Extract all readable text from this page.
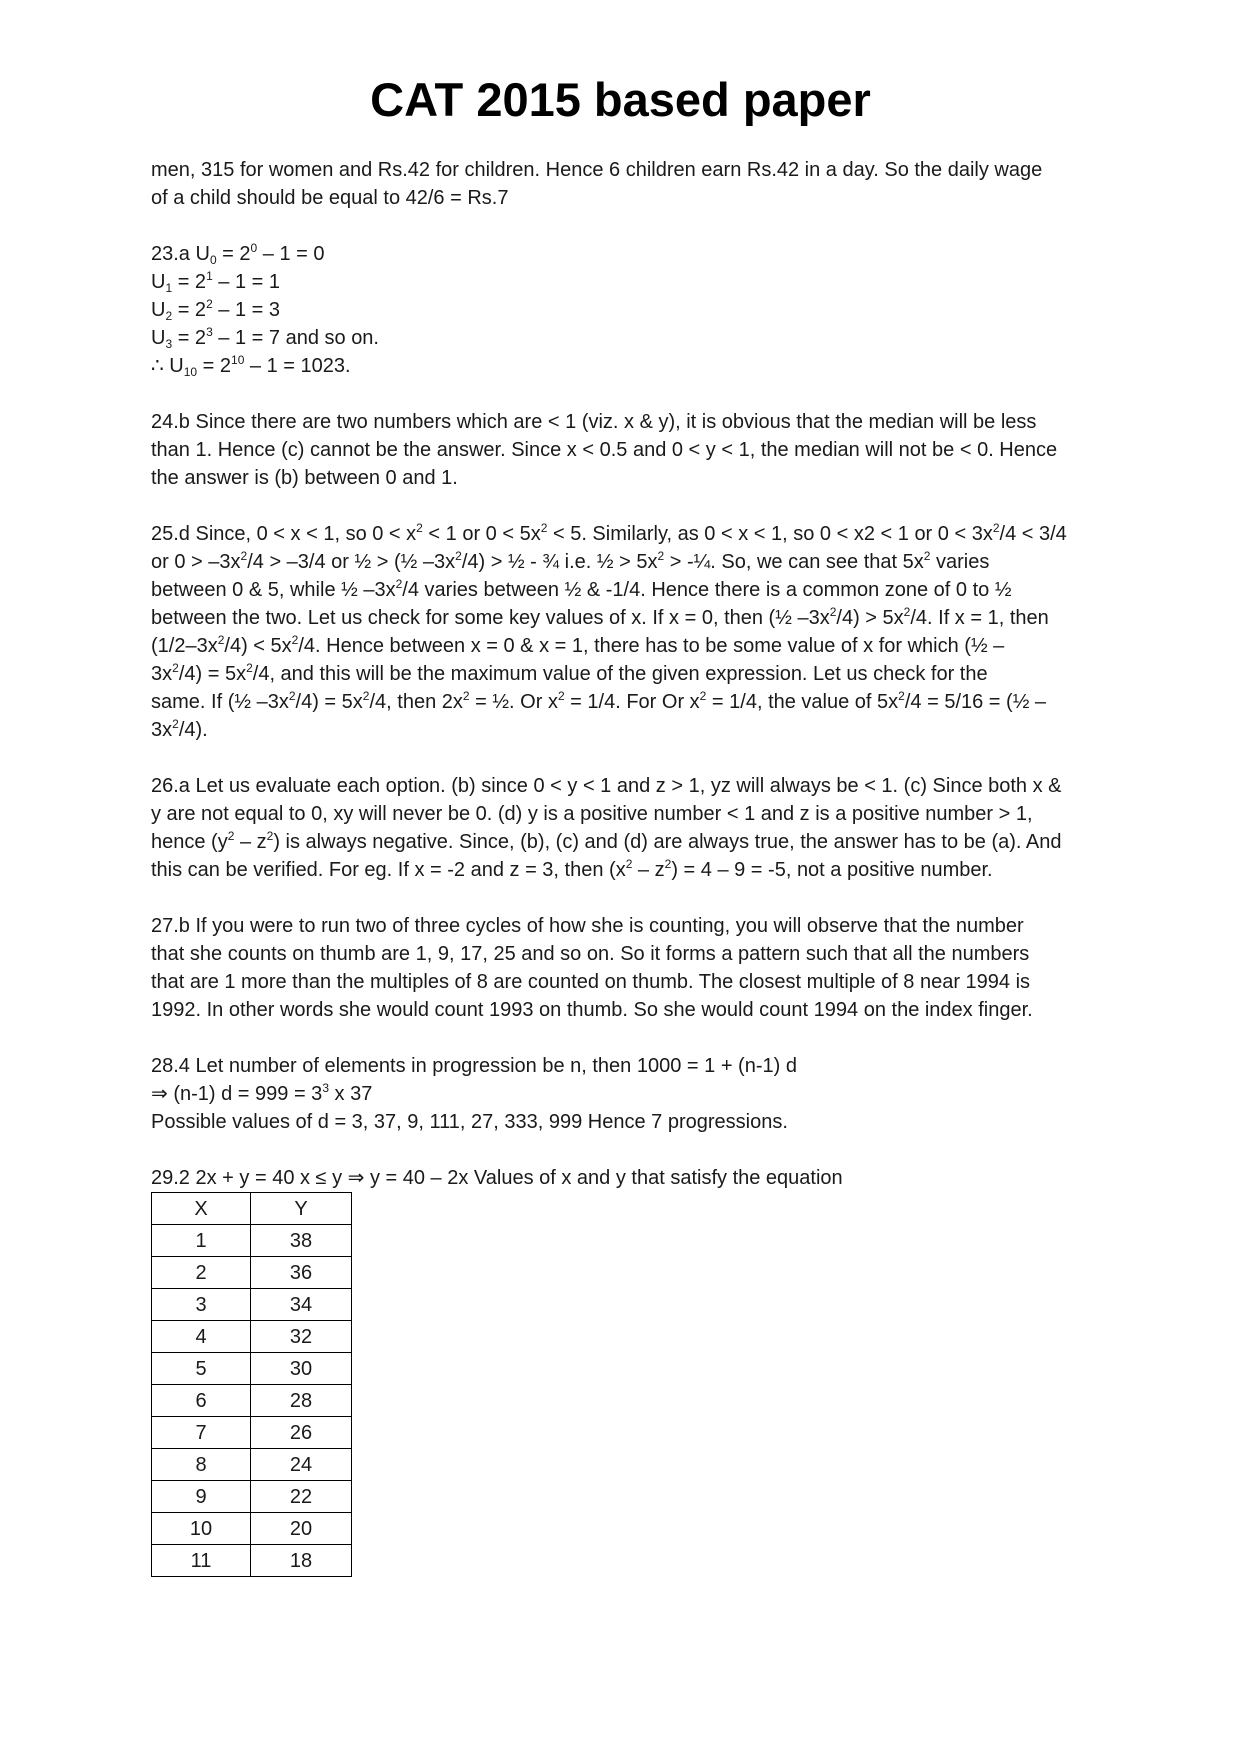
CAT 2015 based paper
men, 315 for women and Rs.42 for children. Hence 6 children earn Rs.42 in a day. So the daily wage
of a child should be equal to 42/6 = Rs.7
23.a $U_0 = 2^0 - 1 = 0$
$U_1 = 2^1 - 1 = 1$
$U_2 = 2^2 - 1 = 3$
$U_3 = 2^3 - 1 = 7$ and so on.
∴ $U_{10} = 2^{10} - 1 = 1023$.
24.b Since there are two numbers which are < 1 (viz. x & y), it is obvious that the median will be less
than 1. Hence (c) cannot be the answer. Since x < 0.5 and 0 < y < 1, the median will not be < 0. Hence
the answer is (b) between 0 and 1.
25.d Since, 0 < x < 1, so $0 < x^2 < 1$ or $0 < 5x^2 < 5$. Similarly, as 0 < x < 1, so 0 < x2 < 1 or $0 < 3x^2/4 < 3/4$
or $0 > -3x^2/4 > -3/4$ or ½ > (½ $-3x^2/4$) > ½ - ¾ i.e. ½ > $5x^2$ > -¼. So, we can see that $5x^2$ varies
between 0 & 5, while ½ $-3x^2/4$ varies between ½ & -1/4. Hence there is a common zone of 0 to ½
between the two. Let us check for some key values of x. If x = 0, then (½ $-3x^2/4) > 5x^2/4$. If x = 1, then
$(1/2-3x^2/4) < 5x^2/4$. Hence between x = 0 & x = 1, there has to be some value of x for which (½ –
$3x^2/4) = 5x^2/4$, and this will be the maximum value of the given expression. Let us check for the
same. If (½ $-3x^2/4) = 5x^2/4$, then $2x^2$ = ½. Or $x^2 = 1/4$. For Or $x^2 = 1/4$, the value of $5x^2/4 = 5/16$ = (½ –
$3x^2/4$).
26.a Let us evaluate each option. (b) since 0 < y < 1 and z > 1, yz will always be < 1. (c) Since both x &
y are not equal to 0, xy will never be 0. (d) y is a positive number < 1 and z is a positive number > 1,
hence $(y^2 - z^2)$ is always negative. Since, (b), (c) and (d) are always true, the answer has to be (a). And
this can be verified. For eg. If x = -2 and z = 3, then $(x^2 - z^2) = 4 - 9 = -5$, not a positive number.
27.b If you were to run two of three cycles of how she is counting, you will observe that the number
that she counts on thumb are 1, 9, 17, 25 and so on. So it forms a pattern such that all the numbers
that are 1 more than the multiples of 8 are counted on thumb. The closest multiple of 8 near 1994 is
1992. In other words she would count 1993 on thumb. So she would count 1994 on the index finger.
28.4 Let number of elements in progression be n, then 1000 = 1 + (n-1) d
⇒ (n-1) $d = 999 = 3^3$ x 37
Possible values of d = 3, 37, 9, 111, 27, 333, 999 Hence 7 progressions.
29.2 2x + y = 40 x ≤ y ⇒ y = 40 – 2x Values of x and y that satisfy the equation
X	Y
1	38
2	36
3	34
4	32
5	30
6	28
7	26
8	24
9	22
10	20
11	18
